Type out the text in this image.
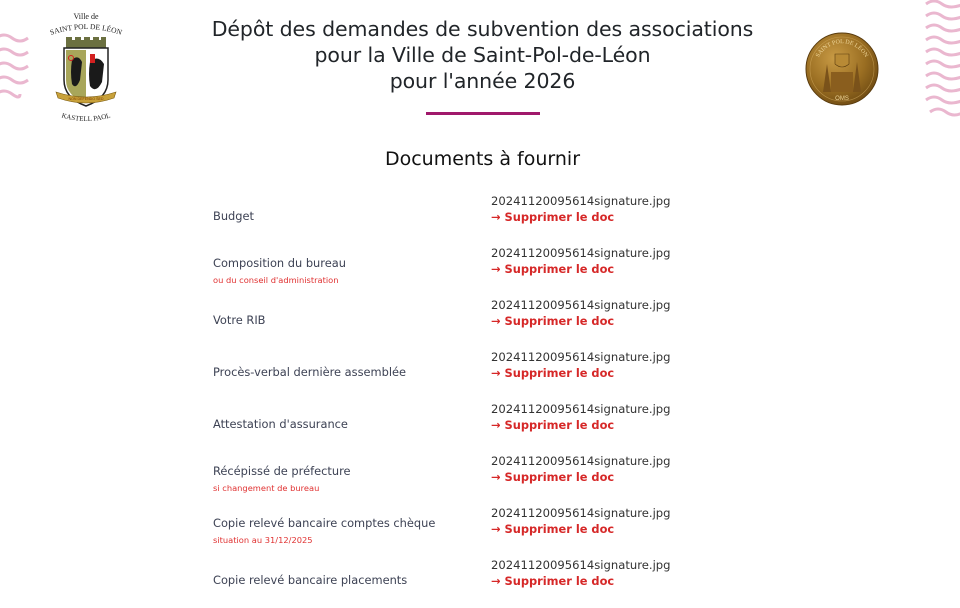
Ville de
SAINT POL DE LÉON
NON DEFENDO SED
KASTELL PAOL
SAINT POL DE LÉON
OMS
Dépôt des demandes de subvention des associations
pour la Ville de Saint-Pol-de-Léon
pour l'année 2026
Documents à fournir
Budget
20241120095614signature.jpg
→ Supprimer le doc
Composition du bureau
ou du conseil d'administration
20241120095614signature.jpg
→ Supprimer le doc
Votre RIB
20241120095614signature.jpg
→ Supprimer le doc
Procès-verbal dernière assemblée
20241120095614signature.jpg
→ Supprimer le doc
Attestation d'assurance
20241120095614signature.jpg
→ Supprimer le doc
Récépissé de préfecture
si changement de bureau
20241120095614signature.jpg
→ Supprimer le doc
Copie relevé bancaire comptes chèque
situation au 31/12/2025
20241120095614signature.jpg
→ Supprimer le doc
Copie relevé bancaire placements
20241120095614signature.jpg
→ Supprimer le doc
